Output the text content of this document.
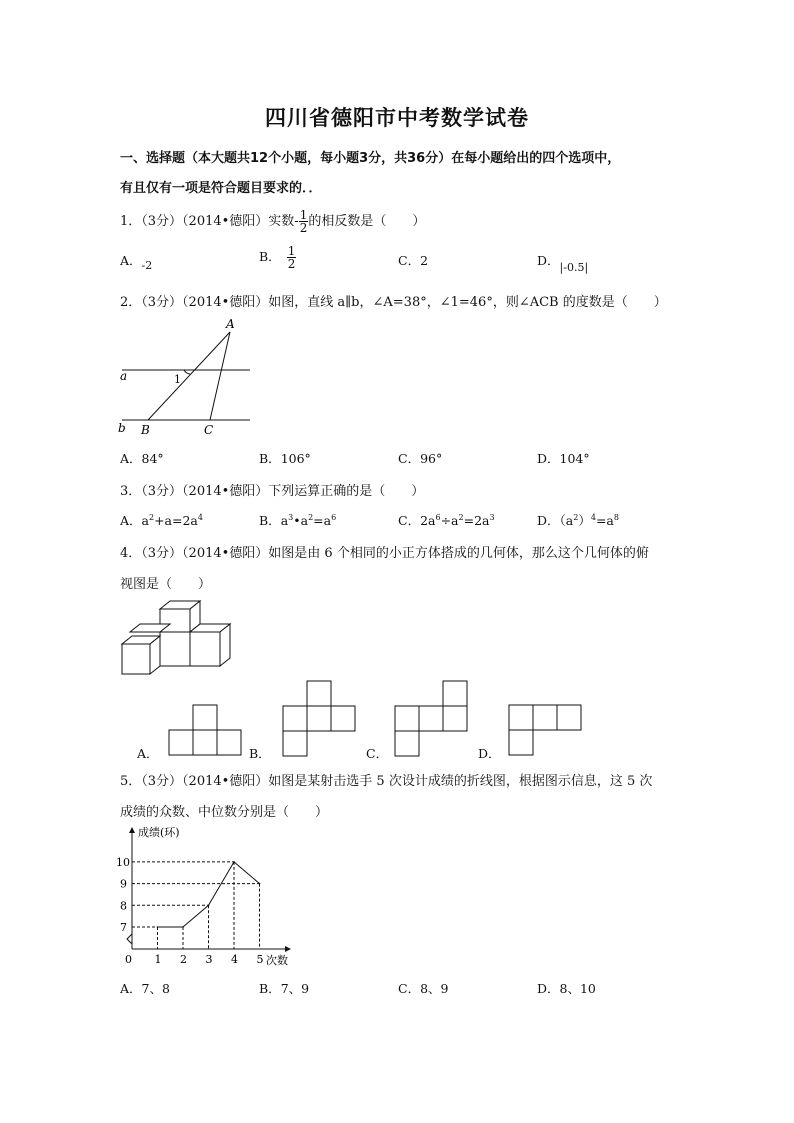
四川省德阳市中考数学试卷
一、选择题（本大题共12个小题，每小题3分，共36分）在每小题给出的四个选项中，
有且仅有一项是符合题目要求的．．
1．（3分）（2014•德阳）实数- $\frac{1}{2}$ 的相反数是（　　）
A．-2
B． $\frac{1}{2}$	C．2	D．|-0.5|
2．（3分）（2014•德阳）如图，直线 a∥b，∠A=38°，∠1=46°，则∠ACB 的度数是（　　）
A
a	1
b B	C
A．84°	B．106°	C．96°	D．104°
3．（3分）（2014•德阳）下列运算正确的是（　　）
A．$a^2+a=2a^4$	B．$a^3•a^2=a^6$	C．$2a^6\div a^2=2a^3$	D．$(a^2)^4=a^8$
4．（3分）（2014•德阳）如图是由 6 个相同的小正方体搭成的几何体，那么这个几何体的俯
视图是（　　）
A．	B．	C．	D．
5．（3分）（2014•德阳）如图是某射击选手 5 次设计成绩的折线图，根据图示信息，这 5 次
成绩的众数、中位数分别是（　　）
成绩(环)
次数
0 1 2 3 4 5
7
8
9
10
A．7、8	B．7、9	C．8、9	D．8、10
